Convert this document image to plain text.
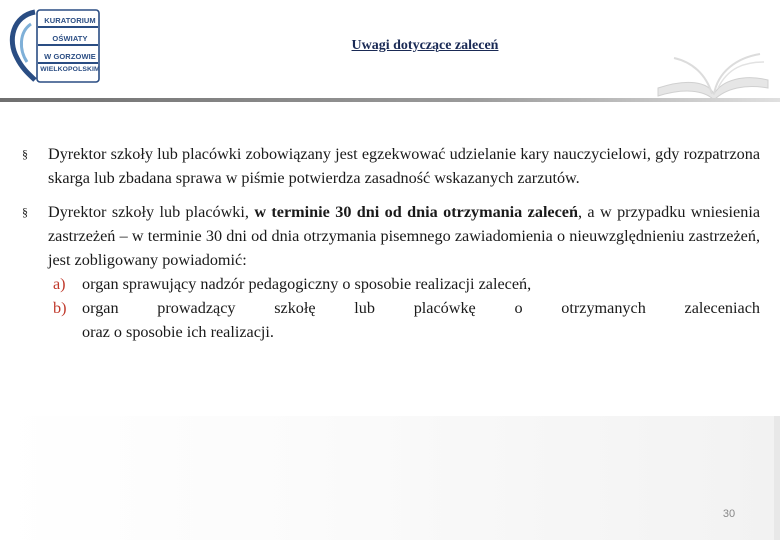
KURATORIUM
OŚWIATY
W GORZOWIE
WIELKOPOLSKIM
Uwagi dotyczące zaleceń
§	Dyrektor szkoły lub placówki zobowiązany jest egzekwować udzielanie kary nauczycielowi, gdy rozpatrzona skarga lub zbadana sprawa w piśmie potwierdza zasadność wskazanych zarzutów.
§	Dyrektor szkoły lub placówki, w terminie 30 dni od dnia otrzymania zaleceń, a w przypadku wniesienia zastrzeżeń – w terminie 30 dni od dnia otrzymania pisemnego zawiadomienia o nieuwzględnieniu zastrzeżeń, jest zobligowany powiadomić:
a) organ sprawujący nadzór pedagogiczny o sposobie realizacji zaleceń,
b) organ prowadzący szkołę lub placówkę o otrzymanych zaleceniach
oraz o sposobie ich realizacji.
30
